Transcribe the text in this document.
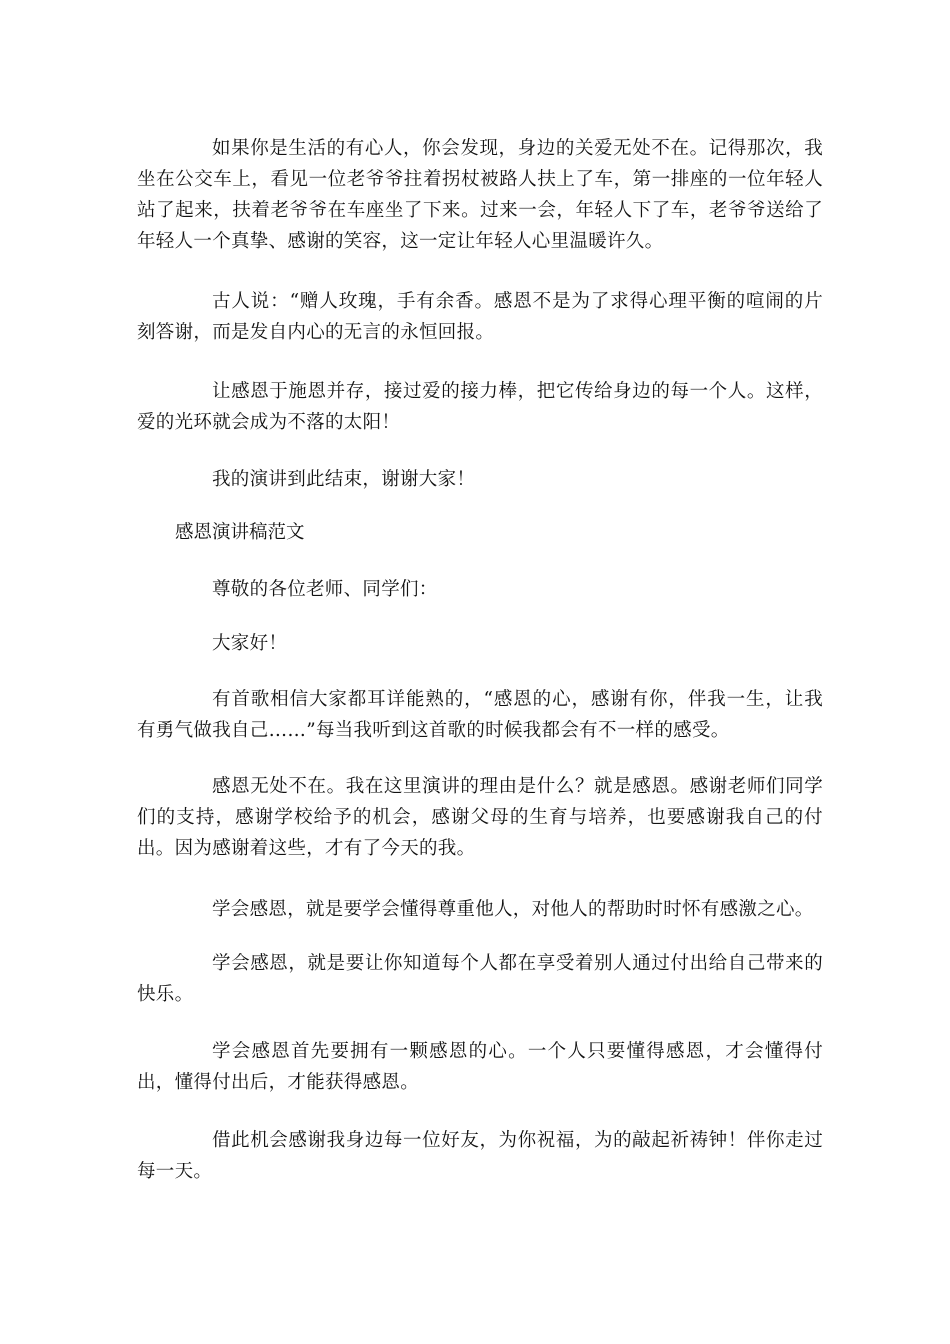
如果你是生活的有心人，你会发现，身边的关爱无处不在。记得那次，我坐在公交车上，看见一位老爷爷拄着拐杖被路人扶上了车，第一排座的一位年轻人站了起来，扶着老爷爷在车座坐了下来。过来一会，年轻人下了车，老爷爷送给了年轻人一个真挚、感谢的笑容，这一定让年轻人心里温暖许久。

古人说：“赠人玫瑰，手有余香。感恩不是为了求得心理平衡的喧闹的片刻答谢，而是发自内心的无言的永恒回报。

让感恩于施恩并存，接过爱的接力棒，把它传给身边的每一个人。这样，爱的光环就会成为不落的太阳！

我的演讲到此结束，谢谢大家！

感恩演讲稿范文

尊敬的各位老师、同学们：

大家好！

有首歌相信大家都耳详能熟的，“感恩的心，感谢有你，伴我一生，让我有勇气做我自己……”每当我听到这首歌的时候我都会有不一样的感受。

感恩无处不在。我在这里演讲的理由是什么？就是感恩。感谢老师们同学们的支持，感谢学校给予的机会，感谢父母的生育与培养，也要感谢我自己的付出。因为感谢着这些，才有了今天的我。

学会感恩，就是要学会懂得尊重他人，对他人的帮助时时怀有感激之心。

学会感恩，就是要让你知道每个人都在享受着别人通过付出给自己带来的快乐。

学会感恩首先要拥有一颗感恩的心。一个人只要懂得感恩，才会懂得付出，懂得付出后，才能获得感恩。

借此机会感谢我身边每一位好友，为你祝福，为的敲起祈祷钟！伴你走过每一天。
